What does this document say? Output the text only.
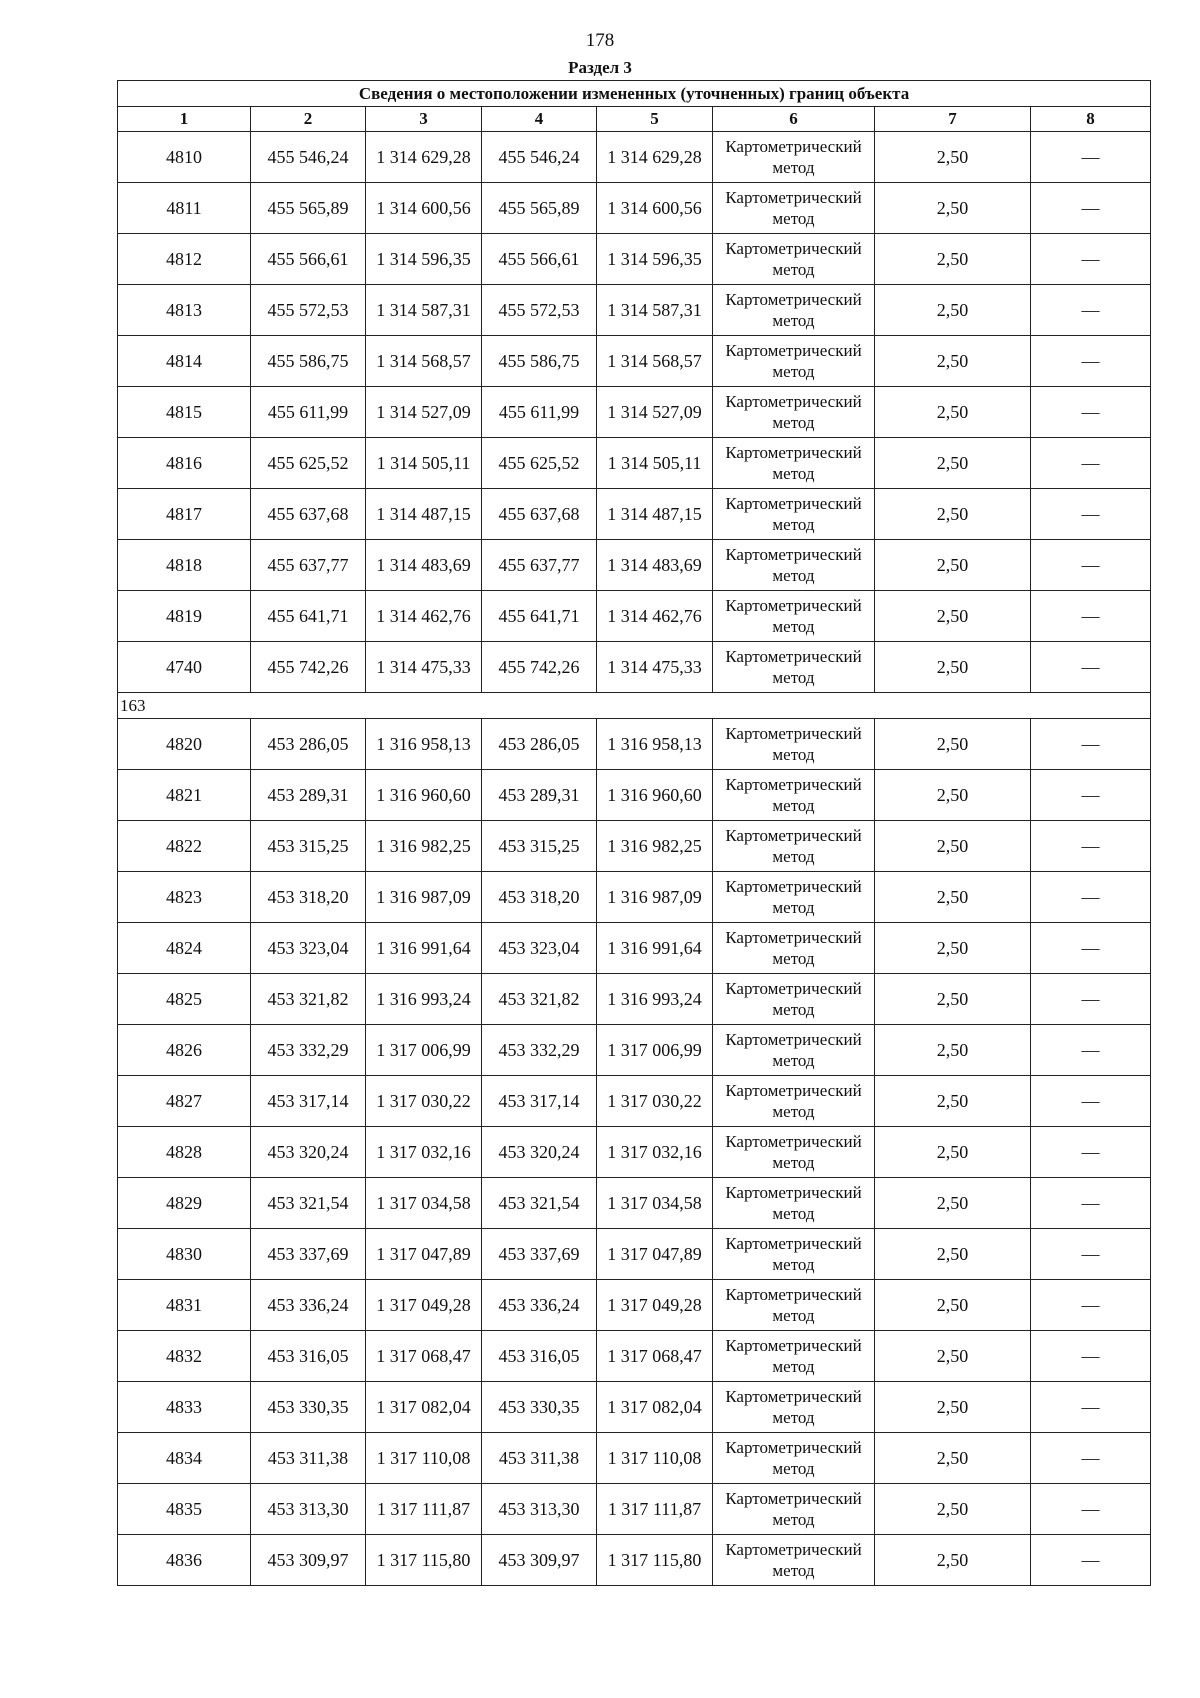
178
Раздел 3
Сведения о местоположении измененных (уточненных) границ объекта							
1	2	3	4	5	6	7	8
4810	455 546,24	1 314 629,28	455 546,24	1 314 629,28	Картометрический метод	2,50	—
4811	455 565,89	1 314 600,56	455 565,89	1 314 600,56	Картометрический метод	2,50	—
4812	455 566,61	1 314 596,35	455 566,61	1 314 596,35	Картометрический метод	2,50	—
4813	455 572,53	1 314 587,31	455 572,53	1 314 587,31	Картометрический метод	2,50	—
4814	455 586,75	1 314 568,57	455 586,75	1 314 568,57	Картометрический метод	2,50	—
4815	455 611,99	1 314 527,09	455 611,99	1 314 527,09	Картометрический метод	2,50	—
4816	455 625,52	1 314 505,11	455 625,52	1 314 505,11	Картометрический метод	2,50	—
4817	455 637,68	1 314 487,15	455 637,68	1 314 487,15	Картометрический метод	2,50	—
4818	455 637,77	1 314 483,69	455 637,77	1 314 483,69	Картометрический метод	2,50	—
4819	455 641,71	1 314 462,76	455 641,71	1 314 462,76	Картометрический метод	2,50	—
4740	455 742,26	1 314 475,33	455 742,26	1 314 475,33	Картометрический метод	2,50	—
163							
4820	453 286,05	1 316 958,13	453 286,05	1 316 958,13	Картометрический метод	2,50	—
4821	453 289,31	1 316 960,60	453 289,31	1 316 960,60	Картометрический метод	2,50	—
4822	453 315,25	1 316 982,25	453 315,25	1 316 982,25	Картометрический метод	2,50	—
4823	453 318,20	1 316 987,09	453 318,20	1 316 987,09	Картометрический метод	2,50	—
4824	453 323,04	1 316 991,64	453 323,04	1 316 991,64	Картометрический метод	2,50	—
4825	453 321,82	1 316 993,24	453 321,82	1 316 993,24	Картометрический метод	2,50	—
4826	453 332,29	1 317 006,99	453 332,29	1 317 006,99	Картометрический метод	2,50	—
4827	453 317,14	1 317 030,22	453 317,14	1 317 030,22	Картометрический метод	2,50	—
4828	453 320,24	1 317 032,16	453 320,24	1 317 032,16	Картометрический метод	2,50	—
4829	453 321,54	1 317 034,58	453 321,54	1 317 034,58	Картометрический метод	2,50	—
4830	453 337,69	1 317 047,89	453 337,69	1 317 047,89	Картометрический метод	2,50	—
4831	453 336,24	1 317 049,28	453 336,24	1 317 049,28	Картометрический метод	2,50	—
4832	453 316,05	1 317 068,47	453 316,05	1 317 068,47	Картометрический метод	2,50	—
4833	453 330,35	1 317 082,04	453 330,35	1 317 082,04	Картометрический метод	2,50	—
4834	453 311,38	1 317 110,08	453 311,38	1 317 110,08	Картометрический метод	2,50	—
4835	453 313,30	1 317 111,87	453 313,30	1 317 111,87	Картометрический метод	2,50	—
4836	453 309,97	1 317 115,80	453 309,97	1 317 115,80	Картометрический метод	2,50	—
